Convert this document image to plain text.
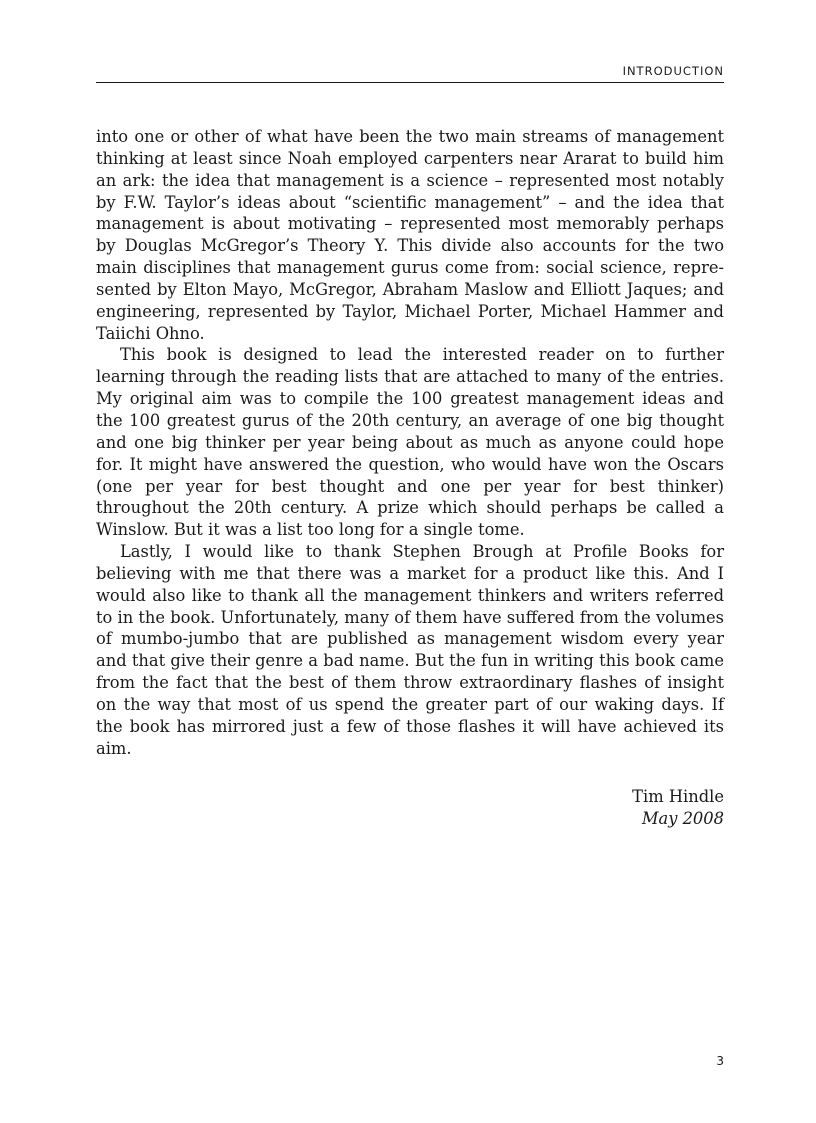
INTRODUCTION

into one or other of what have been the two main streams of management thinking at least since Noah employed carpenters near Ararat to build him an ark: the idea that management is a science – represented most notably by F.W. Taylor’s ideas about “scientific management” – and the idea that management is about motivating – represented most memorably perhaps by Douglas McGregor’s Theory Y. This divide also accounts for the two main disciplines that management gurus come from: social science, represented by Elton Mayo, McGregor, Abraham Maslow and Elliott Jaques; and engineering, represented by Taylor, Michael Porter, Michael Hammer and Taiichi Ohno.

This book is designed to lead the interested reader on to further learning through the reading lists that are attached to many of the entries. My original aim was to compile the 100 greatest management ideas and the 100 greatest gurus of the 20th century, an average of one big thought and one big thinker per year being about as much as anyone could hope for. It might have answered the question, who would have won the Oscars (one per year for best thought and one per year for best thinker) throughout the 20th century. A prize which should perhaps be called a Winslow. But it was a list too long for a single tome.

Lastly, I would like to thank Stephen Brough at Profile Books for believing with me that there was a market for a product like this. And I would also like to thank all the management thinkers and writers referred to in the book. Unfortunately, many of them have suffered from the volumes of mumbo-jumbo that are published as management wisdom every year and that give their genre a bad name. But the fun in writing this book came from the fact that the best of them throw extraordinary flashes of insight on the way that most of us spend the greater part of our waking days. If the book has mirrored just a few of those flashes it will have achieved its aim.

Tim Hindle
May 2008
3
